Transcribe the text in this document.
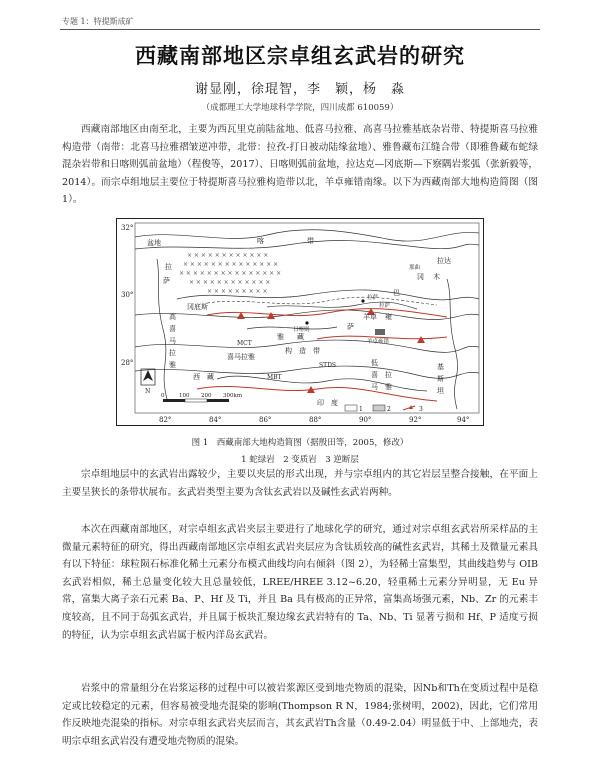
专题 1：特提斯成矿
西藏南部地区宗卓组玄武岩的研究
谢显刚，徐琨智，李　颖，杨　淼
（成都理工大学地球科学学院，四川成都 610059）

西藏南部地区由南至北，主要为西瓦里克前陆盆地、低喜马拉雅、高喜马拉雅基底杂岩带、特提斯喜马拉雅构造带（南带：北喜马拉雅褶皱逆冲带，北带：拉孜-打日被动陆缘盆地）、雅鲁藏布江缝合带（即雅鲁藏布蛇绿混杂岩带和日喀则弧前盆地）（程俊等，2017）、日喀则弧前盆地，拉达克—冈底斯—下察隅岩浆弧（张新毅等，2014）。而宗卓组地层主要位于特提斯喜马拉雅构造带以北，羊卓雍错南缘。以下为西藏南部大地构造简图（图 1）。

32°
30°
28°
82°	84°	86°	88°	90°	92°	94°
× × × × × × × × × × × ×
× × × × × × × × × × × × × ×
× × × × × × × × × × × × × × ×
× × × × × × × × × × × ×
× × × × × × × × ×
盆地
冈底斯
喀	带
拉
萨
萨
雅 藏
羊卓 雍
喜马拉雅
高
喜
马
拉
雅
构 造 带
低
喜
马
拉
雅
印 度
西 藏
拉达
冈 木
STDS
MBT
MCT
巴
基
斯
坦
拉萨
日喀则
羊卓雍错
拉萨
那曲
N
0	100 200 300km
1	2	3
图 1　西藏南部大地构造简图（据殷田等，2005，修改）
1 蛇绿岩　2 变质岩　3 逆断层

宗卓组地层中的玄武岩出露较少，主要以夹层的形式出现，并与宗卓组内的其它岩层呈整合接触，在平面上主要呈狭长的条带状展布。玄武岩类型主要为含钛玄武岩以及碱性玄武岩两种。

本次在西藏南部地区，对宗卓组玄武岩夹层主要进行了地球化学的研究，通过对宗卓组玄武岩所采样品的主微量元素特征的研究，得出西藏南部地区宗卓组玄武岩夹层应为含钛质较高的碱性玄武岩，其稀土及微量元素具有以下特征：球粒陨石标准化稀土元素分布模式曲线均向右倾斜（图 2），为轻稀土富集型，其曲线趋势与 OIB 玄武岩相似，稀土总量变化较大且总量较低，LREE/HREE 3.12~6.20，轻重稀土元素分异明显，无 Eu 异常，富集大离子亲石元素 Ba、P、Hf 及 Ti，并且 Ba 具有极高的正异常，富集高场强元素，Nb、Zr 的元素丰度较高，且不同于岛弧玄武岩，并且属于板块汇聚边缘玄武岩特有的 Ta、Nb、Ti 显著亏损和 Hf、P 适度亏损的特征，认为宗卓组玄武岩属于板内洋岛玄武岩。

岩浆中的常量组分在岩浆运移的过程中可以被岩浆源区受到地壳物质的混染，因Nb和Th在变质过程中是稳定或比较稳定的元素，但容易被受地壳混染的影响(Thompson R N，1984;张树明，2002)，因此，它们常用作反映地壳混染的指标。对宗卓组玄武岩夹层而言，其玄武岩Th含量（0.49-2.04）明显低于中、上部地壳，表明宗卓组玄武岩没有遭受地壳物质的混染。
